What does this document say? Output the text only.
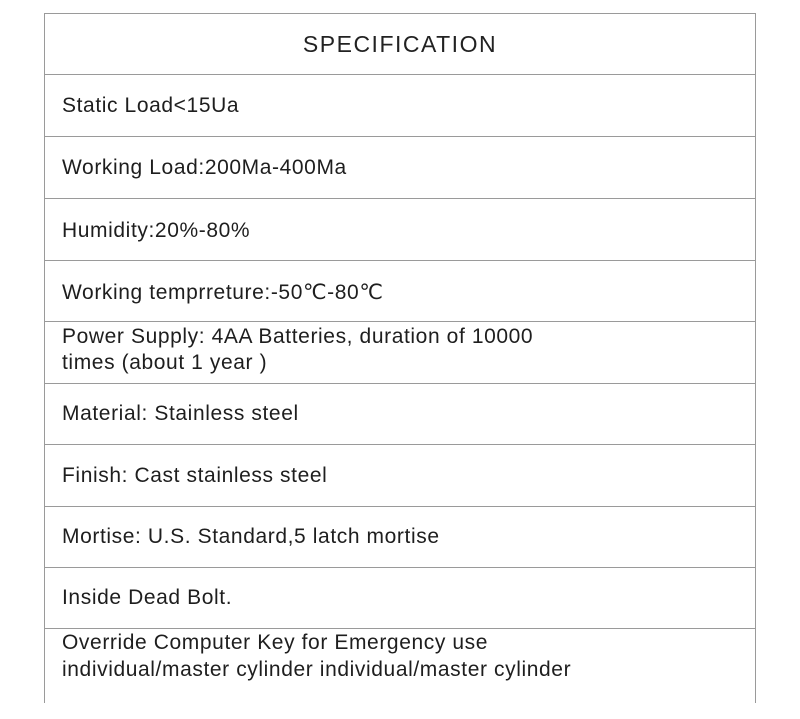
SPECIFICATION
Static Load<15Ua
Working Load:200Ma-400Ma
Humidity:20%-80%
Working temprreture:-50℃-80℃
Power Supply: 4AA Batteries, duration of 10000
times (about 1 year )
Material: Stainless steel
Finish: Cast stainless steel
Mortise: U.S. Standard,5 latch mortise
Inside Dead Bolt.
Override Computer Key for Emergency use
individual/master cylinder individual/master cylinder
